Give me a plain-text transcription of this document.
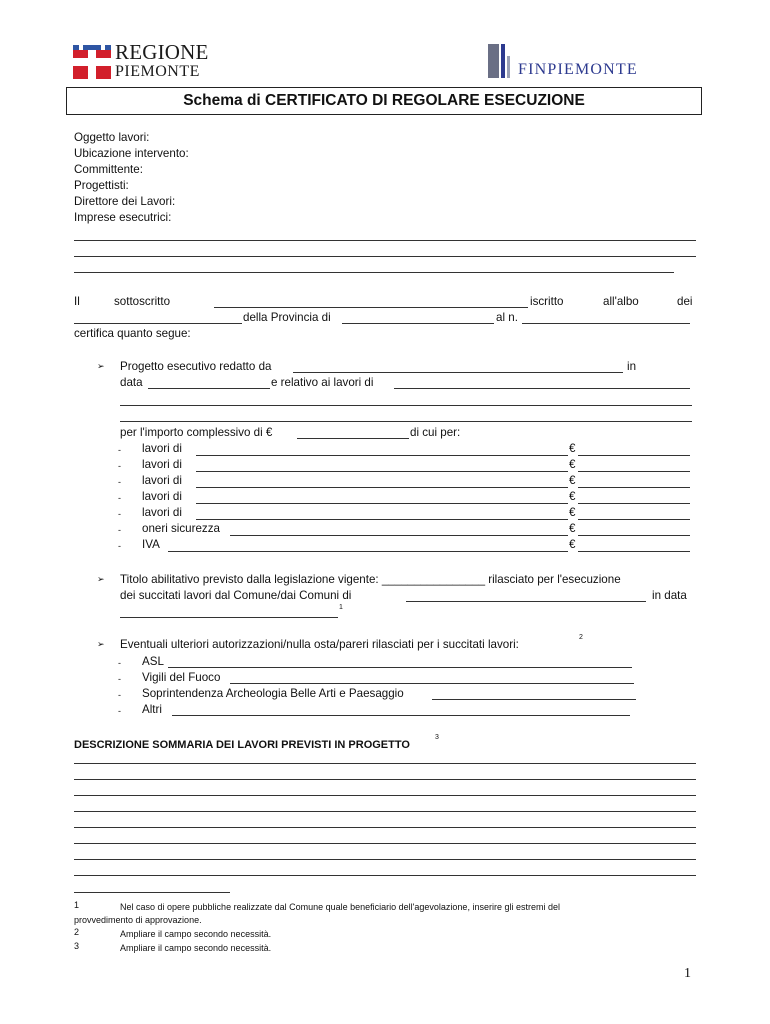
REGIONE
PIEMONTE	FINPIEMONTE
Schema di CERTIFICATO DI REGOLARE ESECUZIONE
Oggetto lavori:
Ubicazione intervento:
Committente:
Progettisti:
Direttore dei Lavori:
Imprese esecutrici:
Il	sottoscritto	iscritto	all'albo	dei
della Provincia di	al n.
certifica quanto segue:
➢ Progetto esecutivo redatto da	in
data	e relativo ai lavori di
per l'importo complessivo di €	di cui per:
- lavori di	€
- lavori di	€
- lavori di	€
- lavori di	€
- lavori di	€
- oneri sicurezza	€
- IVA	€
➢ Titolo abilitativo previsto dalla legislazione vigente: ________________ rilasciato per l'esecuzione
dei succitati lavori dal Comune/dai Comuni di	in data
1
➢ Eventuali ulteriori autorizzazioni/nulla osta/pareri rilasciati per i succitati lavori:
2
- ASL
- Vigili del Fuoco
- Soprintendenza Archeologia Belle Arti e Paesaggio
- Altri
DESCRIZIONE SOMMARIA DEI LAVORI PREVISTI IN PROGETTO
3
1	Nel caso di opere pubbliche realizzate dal Comune quale beneficiario dell'agevolazione, inserire gli estremi del
provvedimento di approvazione.
2	Ampliare il campo secondo necessità.
3	Ampliare il campo secondo necessità.
1
